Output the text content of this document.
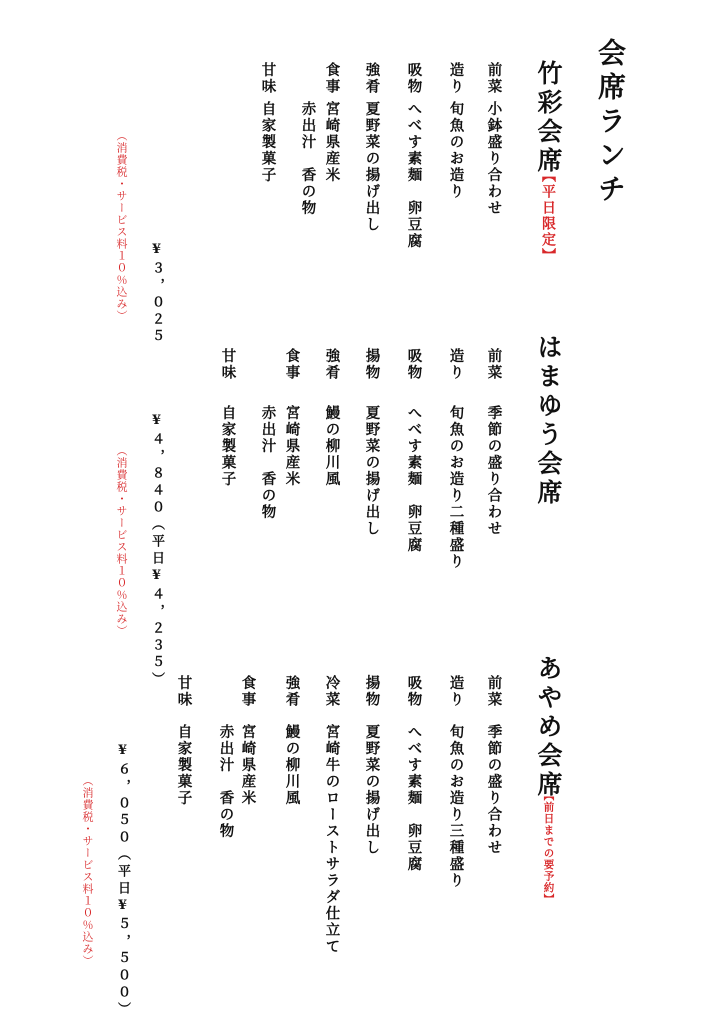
会席ランチ
竹彩会席
【平日限定】
前菜
小鉢盛り合わせ
造り
旬魚のお造り
吸物
へべす素麺　卵豆腐
強肴
夏野菜の揚げ出し
食事
宮崎県産米
赤出汁　香の物
甘味
自家製菓子
¥３，０２５
（消費税・サービス料１０％込み）
はまゆう会席
前菜
季節の盛り合わせ
造り
旬魚のお造り二種盛り
吸物
へべす素麺　卵豆腐
揚物
夏野菜の揚げ出し
強肴
鰻の柳川風
食事
宮崎県産米
赤出汁　香の物
甘味
自家製菓子
¥４，８４０（平日¥４，２３５）
（消費税・サービス料１０％込み）
あやめ会席
【前日までの要予約】
前菜
季節の盛り合わせ
造り
旬魚のお造り三種盛り
吸物
へべす素麺　卵豆腐
揚物
夏野菜の揚げ出し
冷菜
宮崎牛のローストサラダ仕立て
強肴
鰻の柳川風
食事
宮崎県産米
赤出汁　香の物
甘味
自家製菓子
¥６，０５０（平日¥５，５００）
（消費税・サービス料１０％込み）
